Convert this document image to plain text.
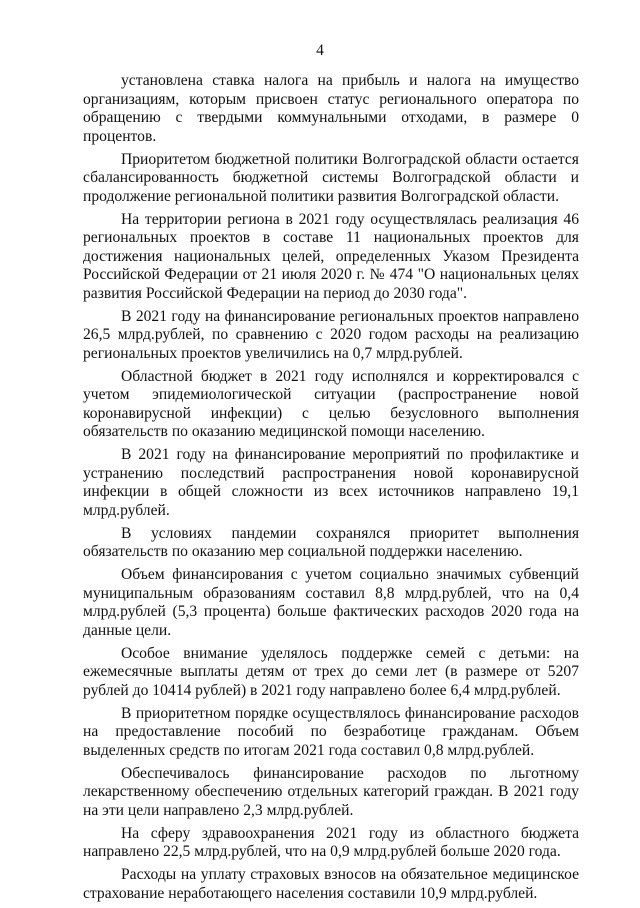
4

установлена ставка налога на прибыль и налога на имущество организациям, которым присвоен статус регионального оператора по обращению с твердыми коммунальными отходами, в размере 0 процентов.

Приоритетом бюджетной политики Волгоградской области остается сбалансированность бюджетной системы Волгоградской области и продолжение региональной политики развития Волгоградской области.

На территории региона в 2021 году осуществлялась реализация 46 региональных проектов в составе 11 национальных проектов для достижения национальных целей, определенных Указом Президента Российской Федерации от 21 июля 2020 г. № 474 "О национальных целях развития Российской Федерации на период до 2030 года".

В 2021 году на финансирование региональных проектов направлено 26,5 млрд.рублей, по сравнению с 2020 годом расходы на реализацию региональных проектов увеличились на 0,7 млрд.рублей.

Областной бюджет в 2021 году исполнялся и корректировался с учетом эпидемиологической ситуации (распространение новой коронавирусной инфекции) с целью безусловного выполнения обязательств по оказанию медицинской помощи населению.

В 2021 году на финансирование мероприятий по профилактике и устранению последствий распространения новой коронавирусной инфекции в общей сложности из всех источников направлено 19,1 млрд.рублей.

В условиях пандемии сохранялся приоритет выполнения обязательств по оказанию мер социальной поддержки населению.

Объем финансирования с учетом социально значимых субвенций муниципальным образованиям составил 8,8 млрд.рублей, что на 0,4 млрд.рублей (5,3 процента) больше фактических расходов 2020 года на данные цели.

Особое внимание уделялось поддержке семей с детьми: на ежемесячные выплаты детям от трех до семи лет (в размере от 5207 рублей до 10414 рублей) в 2021 году направлено более 6,4 млрд.рублей.

В приоритетном порядке осуществлялось финансирование расходов на предоставление пособий по безработице гражданам. Объем выделенных средств по итогам 2021 года составил 0,8 млрд.рублей.

Обеспечивалось финансирование расходов по льготному лекарственному обеспечению отдельных категорий граждан. В 2021 году на эти цели направлено 2,3 млрд.рублей.

На сферу здравоохранения 2021 году из областного бюджета направлено 22,5 млрд.рублей, что на 0,9 млрд.рублей больше 2020 года.

Расходы на уплату страховых взносов на обязательное медицинское страхование неработающего населения составили 10,9 млрд.рублей.
